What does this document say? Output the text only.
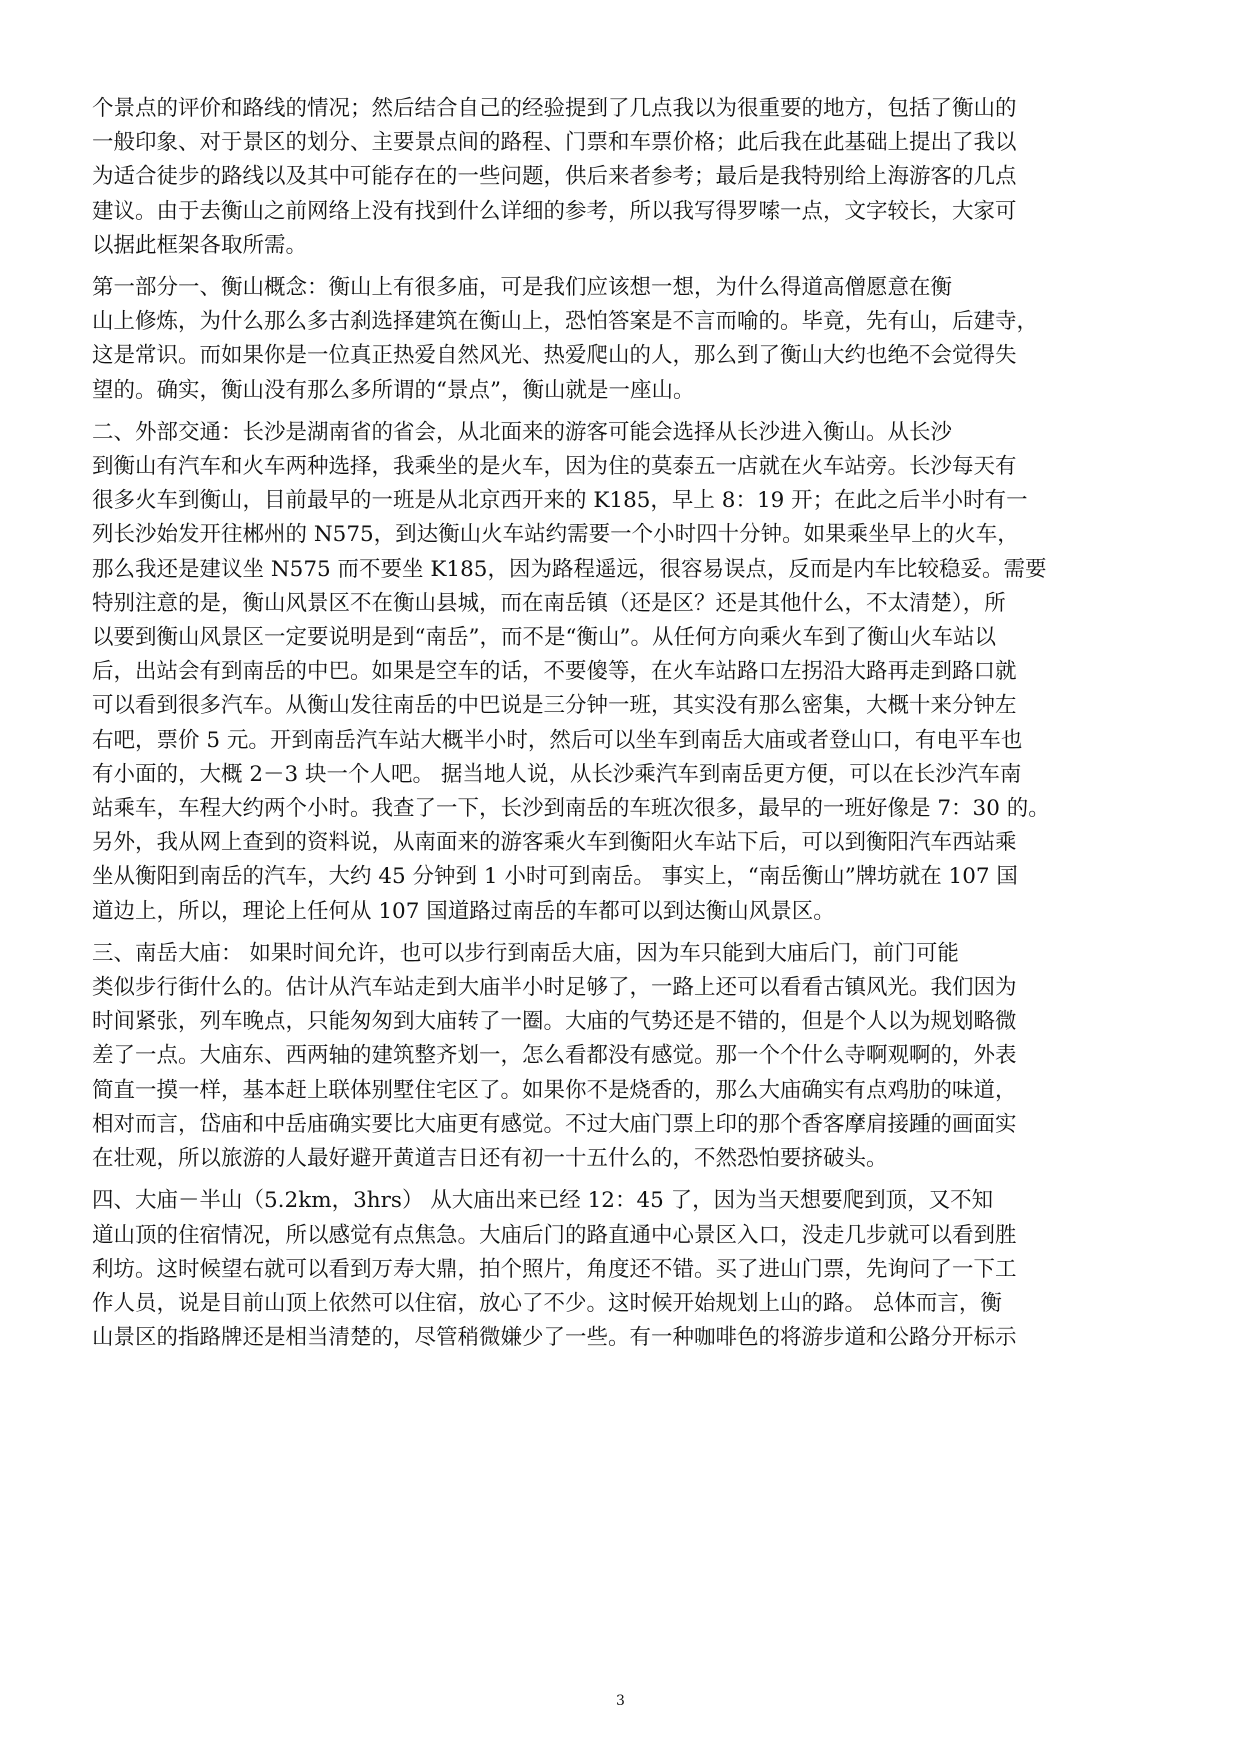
个景点的评价和路线的情况；然后结合自己的经验提到了几点我以为很重要的地方，包括了衡山的
一般印象、对于景区的划分、主要景点间的路程、门票和车票价格；此后我在此基础上提出了我以
为适合徒步的路线以及其中可能存在的一些问题，供后来者参考；最后是我特别给上海游客的几点
建议。由于去衡山之前网络上没有找到什么详细的参考，所以我写得罗嗦一点，文字较长，大家可
以据此框架各取所需。
第一部分一、衡山概念：衡山上有很多庙，可是我们应该想一想，为什么得道高僧愿意在衡
山上修炼，为什么那么多古刹选择建筑在衡山上，恐怕答案是不言而喻的。毕竟，先有山，后建寺，
这是常识。而如果你是一位真正热爱自然风光、热爱爬山的人，那么到了衡山大约也绝不会觉得失
望的。确实，衡山没有那么多所谓的“景点”，衡山就是一座山。
二、外部交通：长沙是湖南省的省会，从北面来的游客可能会选择从长沙进入衡山。从长沙
到衡山有汽车和火车两种选择，我乘坐的是火车，因为住的莫泰五一店就在火车站旁。长沙每天有
很多火车到衡山，目前最早的一班是从北京西开来的 K185，早上 8：19 开；在此之后半小时有一
列长沙始发开往郴州的 N575，到达衡山火车站约需要一个小时四十分钟。如果乘坐早上的火车，
那么我还是建议坐 N575 而不要坐 K185，因为路程遥远，很容易误点，反而是内车比较稳妥。需要
特别注意的是，衡山风景区不在衡山县城，而在南岳镇（还是区？还是其他什么，不太清楚），所
以要到衡山风景区一定要说明是到“南岳”，而不是“衡山”。从任何方向乘火车到了衡山火车站以
后，出站会有到南岳的中巴。如果是空车的话，不要傻等，在火车站路口左拐沿大路再走到路口就
可以看到很多汽车。从衡山发往南岳的中巴说是三分钟一班，其实没有那么密集，大概十来分钟左
右吧，票价 5 元。开到南岳汽车站大概半小时，然后可以坐车到南岳大庙或者登山口，有电平车也
有小面的，大概 2－3 块一个人吧。 据当地人说，从长沙乘汽车到南岳更方便，可以在长沙汽车南
站乘车，车程大约两个小时。我查了一下，长沙到南岳的车班次很多，最早的一班好像是 7：30 的。
另外，我从网上查到的资料说，从南面来的游客乘火车到衡阳火车站下后，可以到衡阳汽车西站乘
坐从衡阳到南岳的汽车，大约 45 分钟到 1 小时可到南岳。 事实上，“南岳衡山”牌坊就在 107 国
道边上，所以，理论上任何从 107 国道路过南岳的车都可以到达衡山风景区。
三、南岳大庙： 如果时间允许，也可以步行到南岳大庙，因为车只能到大庙后门，前门可能
类似步行街什么的。估计从汽车站走到大庙半小时足够了，一路上还可以看看古镇风光。我们因为
时间紧张，列车晚点，只能匆匆到大庙转了一圈。大庙的气势还是不错的，但是个人以为规划略微
差了一点。大庙东、西两轴的建筑整齐划一，怎么看都没有感觉。那一个个什么寺啊观啊的，外表
简直一摸一样，基本赶上联体别墅住宅区了。如果你不是烧香的，那么大庙确实有点鸡肋的味道，
相对而言，岱庙和中岳庙确实要比大庙更有感觉。不过大庙门票上印的那个香客摩肩接踵的画面实
在壮观，所以旅游的人最好避开黄道吉日还有初一十五什么的，不然恐怕要挤破头。
四、大庙－半山（5.2km，3hrs） 从大庙出来已经 12：45 了，因为当天想要爬到顶，又不知
道山顶的住宿情况，所以感觉有点焦急。大庙后门的路直通中心景区入口，没走几步就可以看到胜
利坊。这时候望右就可以看到万寿大鼎，拍个照片，角度还不错。买了进山门票，先询问了一下工
作人员，说是目前山顶上依然可以住宿，放心了不少。这时候开始规划上山的路。 总体而言，衡
山景区的指路牌还是相当清楚的，尽管稍微嫌少了一些。有一种咖啡色的将游步道和公路分开标示
3
